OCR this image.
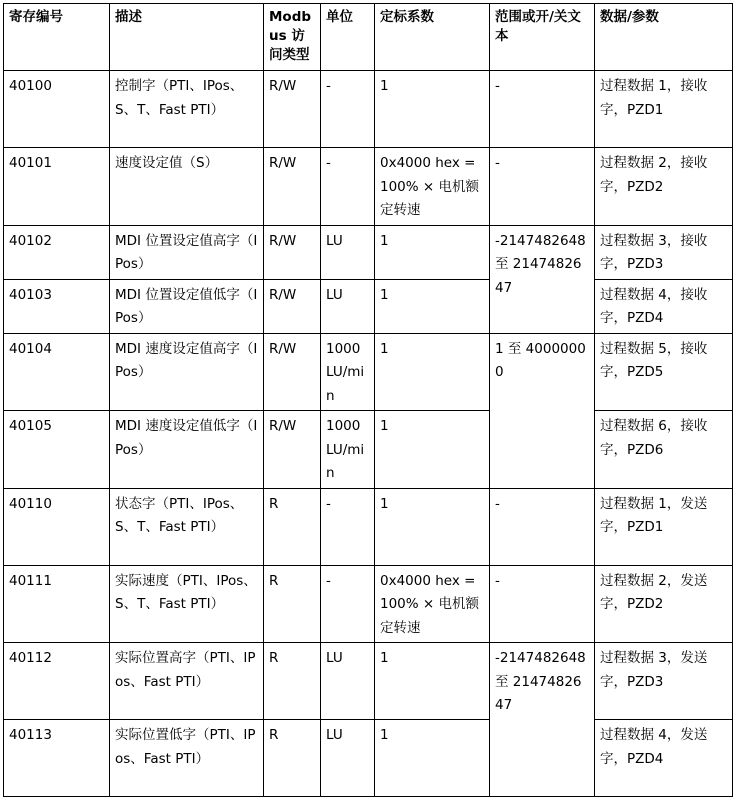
寄存编号	描述	Modbus 访问类型	单位	定标系数	范围或开/关文本	数据/参数
40100	控制字（PTI、IPos、S、T、Fast PTI）	R/W	-	1	-	过程数据 1，接收字，PZD1
40101	速度设定值（S）	R/W	-	0x4000 hex = 100% × 电机额定转速	-	过程数据 2，接收字，PZD2
40102	MDI 位置设定值高字（IPos）	R/W	LU	1	-2147482648 至 2147482647	过程数据 3，接收字，PZD3
40103	MDI 位置设定值低字（IPos）	R/W	LU	1		过程数据 4，接收字，PZD4
40104	MDI 速度设定值高字（IPos）	R/W	1000 LU/min	1	1 至 40000000	过程数据 5，接收字，PZD5
40105	MDI 速度设定值低字（IPos）	R/W	1000 LU/min	1		过程数据 6，接收字，PZD6
40110	状态字（PTI、IPos、S、T、Fast PTI）	R	-	1	-	过程数据 1，发送字，PZD1
40111	实际速度（PTI、IPos、S、T、Fast PTI）	R	-	0x4000 hex = 100% × 电机额定转速	-	过程数据 2，发送字，PZD2
40112	实际位置高字（PTI、IPos、Fast PTI）	R	LU	1	-2147482648 至 2147482647	过程数据 3，发送字，PZD3
40113	实际位置低字（PTI、IPos、Fast PTI）	R	LU	1		过程数据 4，发送字，PZD4
